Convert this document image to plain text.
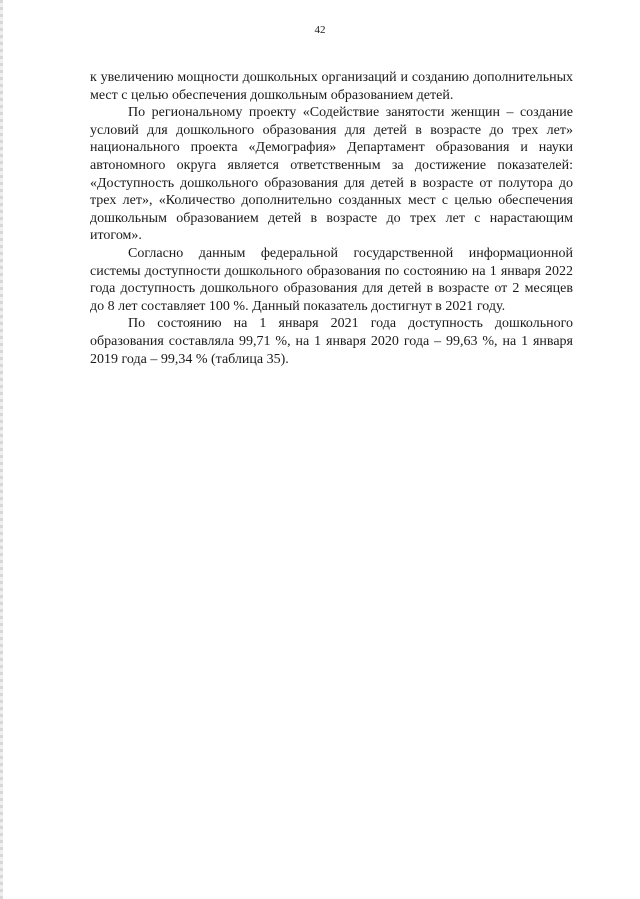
42

к увеличению мощности дошкольных организаций и созданию дополнительных мест с целью обеспечения дошкольным образованием детей.

По региональному проекту «Содействие занятости женщин – создание условий для дошкольного образования для детей в возрасте до трех лет» национального проекта «Демография» Департамент образования и науки автономного округа является ответственным за достижение показателей: «Доступность дошкольного образования для детей в возрасте от полутора до трех лет», «Количество дополнительно созданных мест с целью обеспечения дошкольным образованием детей в возрасте до трех лет с нарастающим итогом».

Согласно данным федеральной государственной информационной системы доступности дошкольного образования по состоянию на 1 января 2022 года доступность дошкольного образования для детей в возрасте от 2 месяцев до 8 лет составляет 100 %. Данный показатель достигнут в 2021 году.

По состоянию на 1 января 2021 года доступность дошкольного образования составляла 99,71 %, на 1 января 2020 года – 99,63 %, на 1 января 2019 года – 99,34 % (таблица 35).
